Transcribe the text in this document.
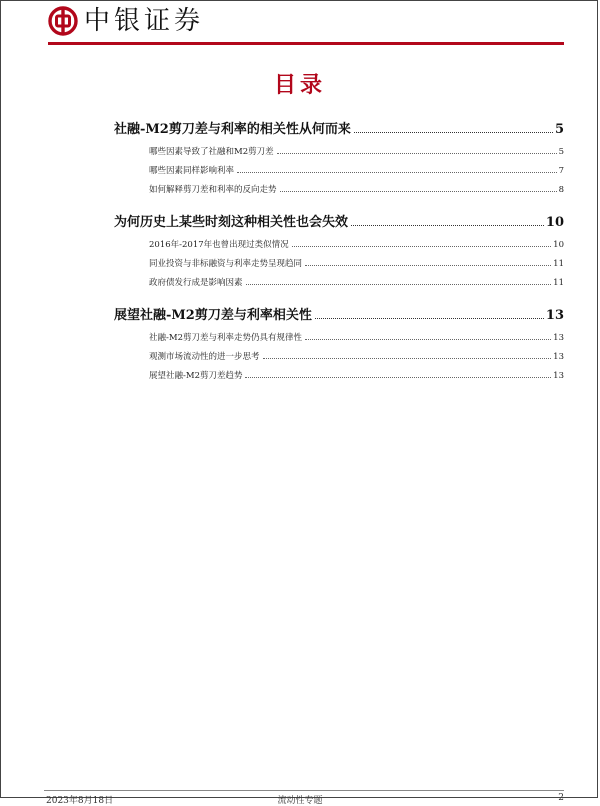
中银证券
目录
社融-M2剪刀差与利率的相关性从何而来	5
哪些因素导致了社融和M2剪刀差	5
哪些因素同样影响利率	7
如何解释剪刀差和利率的反向走势	8
为何历史上某些时刻这种相关性也会失效	10
2016年-2017年也曾出现过类似情况	10
同业投资与非标融资与利率走势呈现趋同	11
政府债发行成是影响因素	11
展望社融-M2剪刀差与利率相关性	13
社融-M2剪刀差与利率走势仍具有规律性	13
观测市场流动性的进一步思考	13
展望社融-M2剪刀差趋势	13
2023年8月18日	流动性专题	2
